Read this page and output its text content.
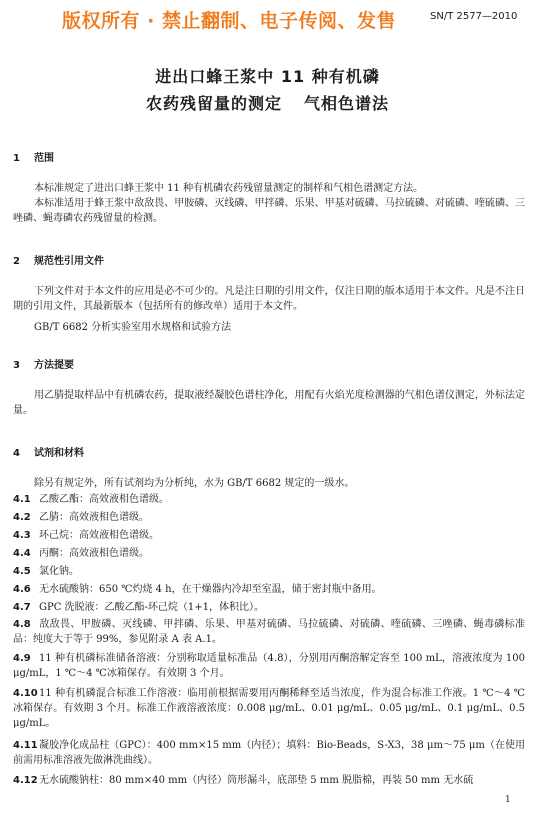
版权所有 · 禁止翻制、电子传阅、发售	SN/T 2577—2010
进出口蜂王浆中 11 种有机磷
农药残留量的测定 气相色谱法
1 范围
本标准规定了进出口蜂王浆中 11 种有机磷农药残留量测定的制样和气相色谱测定方法。
本标准适用于蜂王浆中敌敌畏、甲胺磷、灭线磷、甲拌磷、乐果、甲基对硫磷、马拉硫磷、对硫磷、喹硫磷、三唑磷、蝇毒磷农药残留量的检测。
2 规范性引用文件
下列文件对于本文件的应用是必不可少的。凡是注日期的引用文件，仅注日期的版本适用于本文件。凡是不注日期的引用文件，其最新版本（包括所有的修改单）适用于本文件。
GB/T 6682 分析实验室用水规格和试验方法
3 方法提要
用乙腈提取样品中有机磷农药，提取液经凝胶色谱柱净化，用配有火焰光度检测器的气相色谱仪测定，外标法定量。
4 试剂和材料
除另有规定外，所有试剂均为分析纯，水为 GB/T 6682 规定的一级水。
4.1 乙酸乙酯：高效液相色谱级。
4.2 乙腈：高效液相色谱级。
4.3 环己烷：高效液相色谱级。
4.4 丙酮：高效液相色谱级。
4.5 氯化钠。
4.6 无水硫酸钠：650 ℃灼烧 4 h，在干燥器内冷却至室温，储于密封瓶中备用。
4.7 GPC 洗脱液：乙酸乙酯-环己烷（1+1，体积比）。
4.8 敌敌畏、甲胺磷、灭线磷、甲拌磷、乐果、甲基对硫磷、马拉硫磷、对硫磷、喹硫磷、三唑磷、蝇毒磷标准品：纯度大于等于 99%，参见附录 A 表 A.1。
4.9 11 种有机磷标准储备溶液：分别称取适量标准品（4.8），分别用丙酮溶解定容至 100 mL，溶液浓度为 100 μg/mL，1 ℃～4 ℃冰箱保存。有效期 3 个月。
4.1011 种有机磷混合标准工作溶液：临用前根据需要用丙酮稀释至适当浓度，作为混合标准工作液。1 ℃～4 ℃冰箱保存。有效期 3 个月。标准工作液溶液浓度：0.008 μg/mL、0.01 μg/mL、0.05 μg/mL、0.1 μg/mL、0.5 μg/mL。
4.11凝胶净化成品柱（GPC）：400 mm×15 mm（内径）；填料：Bio-Beads，S-X3，38 μm～75 μm（在使用前需用标准溶液先做淋洗曲线）。
4.12无水硫酸钠柱：80 mm×40 mm（内径）筒形漏斗，底部垫 5 mm 脱脂棉，再装 50 mm 无水硫
1
